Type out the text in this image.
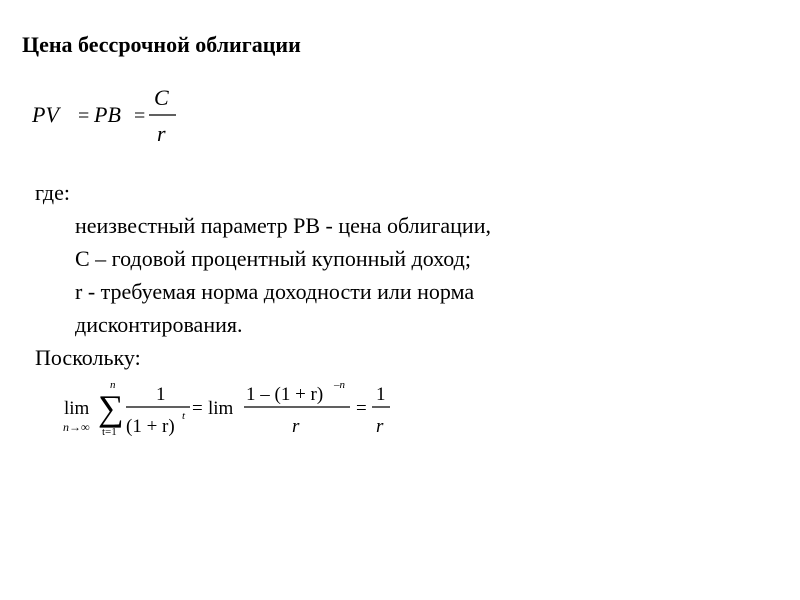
Цена бессрочной облигации
PV = PB =
C
r
где:
неизвестный параметр PB - цена облигации,
C – годовой процентный купонный доход;
r - требуемая норма доходности или норма
дисконтирования.
Поскольку:
lim
n→∞
n
∑
t=1
1
(1 + r) t = lim
1 – (1 + r) –n
r
=
1
r
